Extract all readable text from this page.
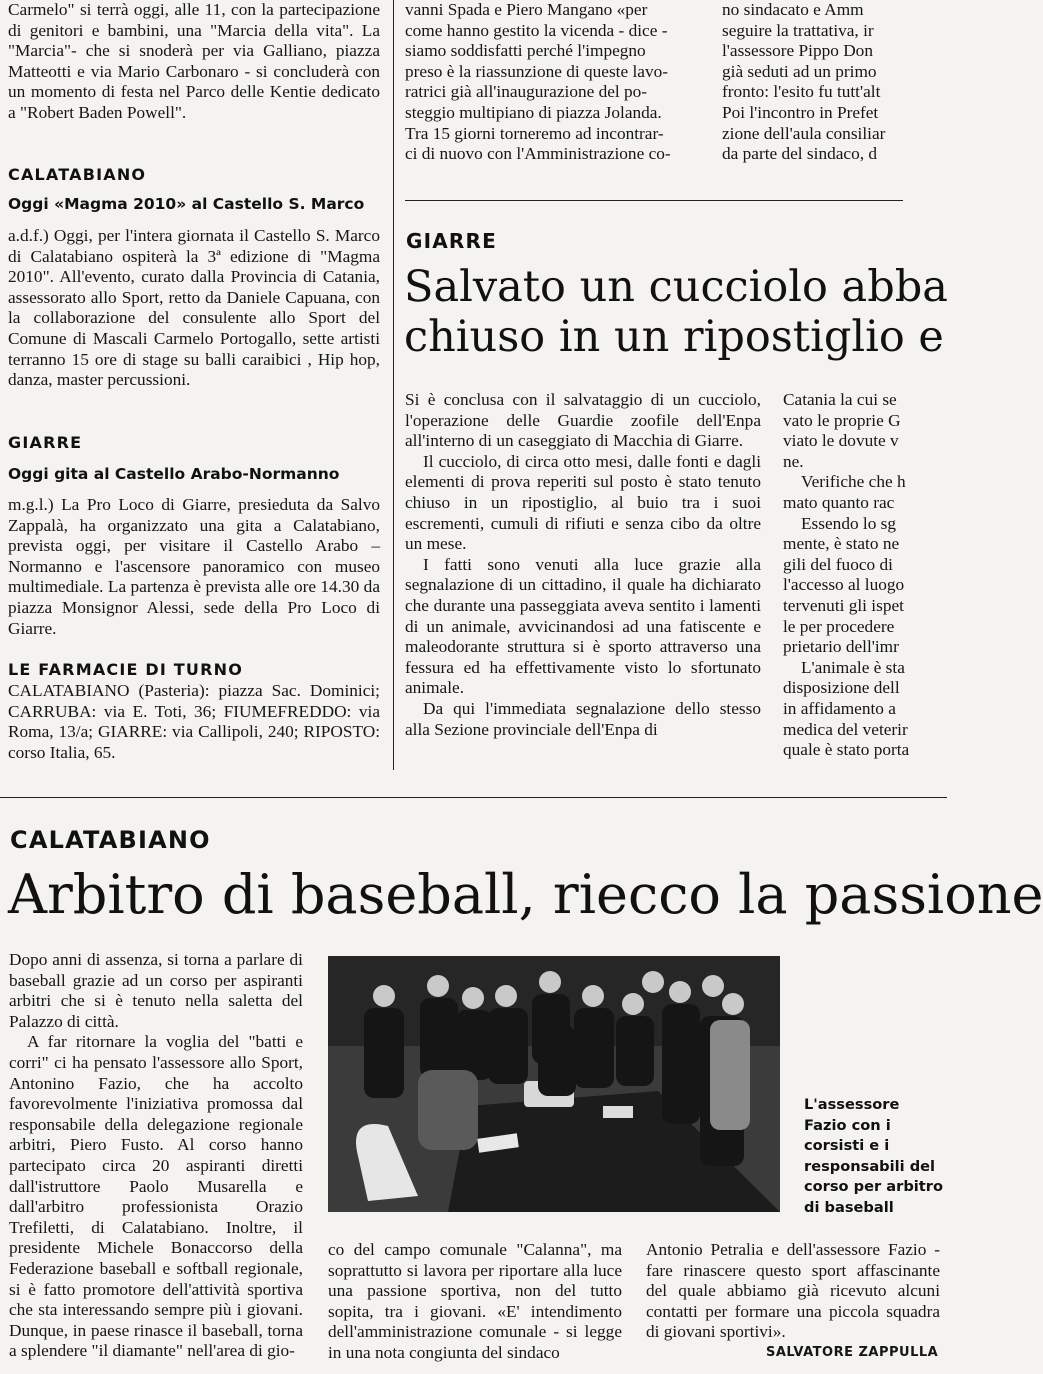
Carmelo" si terrà oggi, alle 11, con la partecipazione di genitori e bambini, una "Marcia della vita". La "Marcia"- che si snoderà per via Galliano, piazza Matteotti e via Mario Carbonaro - si concluderà con un momento di festa nel Parco delle Kentie dedicato a "Robert Baden Powell".

CALATABIANO
Oggi «Magma 2010» al Castello S. Marco

a.d.f.) Oggi, per l'intera giornata il Castello S. Marco di Calatabiano ospiterà la 3ª edizione di "Magma 2010". All'evento, curato dalla Provincia di Catania, assessorato allo Sport, retto da Daniele Capuana, con la collaborazione del consulente allo Sport del Comune di Mascali Carmelo Portogallo, sette artisti terranno 15 ore di stage su balli caraibici , Hip hop, danza, master percussioni.

GIARRE
Oggi gita al Castello Arabo-Normanno

m.g.l.) La Pro Loco di Giarre, presieduta da Salvo Zappalà, ha organizzato una gita a Calatabiano, prevista oggi, per visitare il Castello Arabo – Normanno e l'ascensore panoramico con museo multimediale. La partenza è prevista alle ore 14.30 da piazza Monsignor Alessi, sede della Pro Loco di Giarre.

LE FARMACIE DI TURNO

CALATABIANO (Pasteria): piazza Sac. Dominici; CARRUBA: via E. Toti, 36; FIUMEFREDDO: via Roma, 13/a; GIARRE: via Callipoli, 240; RIPOSTO: corso Italia, 65.

vanni Spada e Piero Mangano «per

come hanno gestito la vicenda - dice -

siamo soddisfatti perché l'impegno

preso è la riassunzione di queste lavo-

ratrici già all'inaugurazione del po-

steggio multipiano di piazza Jolanda.

Tra 15 giorni torneremo ad incontrar-

ci di nuovo con l'Amministrazione co-

no sindacato e Amm

seguire la trattativa, ir

l'assessore Pippo Don

già seduti ad un primo

fronto: l'esito fu tutt'alt

Poi l'incontro in Prefet

zione dell'aula consiliar

da parte del sindaco, d

GIARRE
Salvato un cucciolo abba
chiuso in un ripostiglio e

Si è conclusa con il salvataggio di un cucciolo, l'operazione delle Guardie zoofile dell'Enpa all'interno di un caseggiato di Macchia di Giarre.

Il cucciolo, di circa otto mesi, dalle fonti e dagli elementi di prova reperiti sul posto è stato tenuto chiuso in un ripostiglio, al buio tra i suoi escrementi, cumuli di rifiuti e senza cibo da oltre un mese.

I fatti sono venuti alla luce grazie alla segnalazione di un cittadino, il quale ha dichiarato che durante una passeggiata aveva sentito i lamenti di un animale, avvicinandosi ad una fatiscente e maleodorante struttura si è sporto attraverso una fessura ed ha effettivamente visto lo sfortunato animale.

Da qui l'immediata segnalazione dello stesso alla Sezione provinciale dell'Enpa di

Catania la cui se

vato le proprie G

viato le dovute v

ne.

Verifiche che h

mato quanto rac

Essendo lo sg

mente, è stato ne

gili del fuoco di

l'accesso al luogo

tervenuti gli ispet

le per procedere

prietario dell'imr

L'animale è sta

disposizione dell

in affidamento a

medica del veterir

quale è stato porta

CALATABIANO
Arbitro di baseball, riecco la passione

Dopo anni di assenza, si torna a parlare di baseball grazie ad un corso per aspiranti arbitri che si è tenuto nella saletta del Palazzo di città.

A far ritornare la voglia del "batti e corri" ci ha pensato l'assessore allo Sport, Antonino Fazio, che ha accolto favorevolmente l'iniziativa promossa dal responsabile della delegazione regionale arbitri, Piero Fusto. Al corso hanno partecipato circa 20 aspiranti diretti dall'istruttore Paolo Musarella e dall'arbitro professionista Orazio Trefiletti, di Calatabiano. Inoltre, il presidente Michele Bonaccorso della Federazione baseball e softball regionale, si è fatto promotore dell'attività sportiva che sta interessando sempre più i giovani. Dunque, in paese rinasce il baseball, torna a splendere "il diamante" nell'area di gio-

L'assessore Fazio con i corsisti e i responsabili del corso per arbitro di baseball

co del campo comunale "Calanna", ma soprattutto si lavora per riportare alla luce una passione sportiva, non del tutto sopita, tra i giovani. «E' intendimento dell'amministrazione comunale - si legge in una nota congiunta del sindaco

Antonio Petralia e dell'assessore Fazio - fare rinascere questo sport affascinante del quale abbiamo già ricevuto alcuni contatti per formare una piccola squadra di giovani sportivi».

SALVATORE ZAPPULLA
